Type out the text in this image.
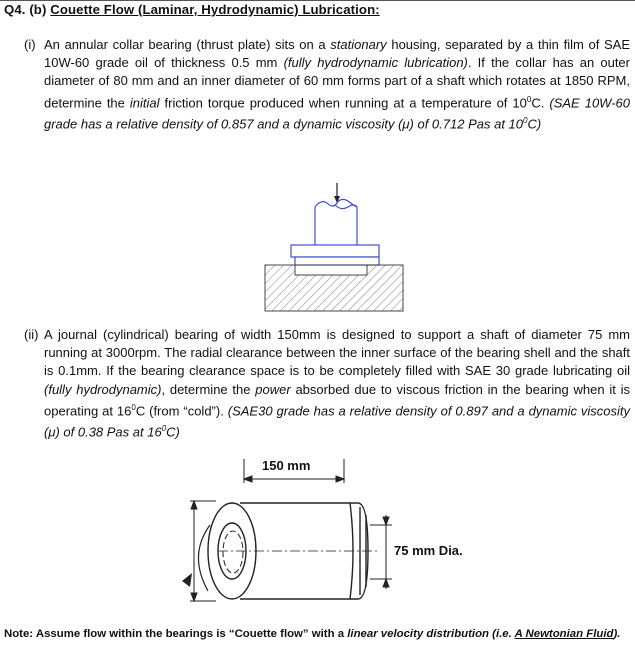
Q4. (b) Couette Flow (Laminar, Hydrodynamic) Lubrication:

(i) An annular collar bearing (thrust plate) sits on a stationary housing, separated by a thin film of SAE 10W-60 grade oil of thickness 0.5 mm (fully hydrodynamic lubrication). If the collar has an outer diameter of 80 mm and an inner diameter of 60 mm forms part of a shaft which rotates at 1850 RPM, determine the initial friction torque produced when running at a temperature of $10^0C$. (SAE 10W-60 grade has a relative density of 0.857 and a dynamic viscosity (μ) of 0.712 Pas at $10^0C$)

(ii) A journal (cylindrical) bearing of width 150mm is designed to support a shaft of diameter 75 mm running at 3000rpm. The radial clearance between the inner surface of the bearing shell and the shaft is 0.1mm. If the bearing clearance space is to be completely filled with SAE 30 grade lubricating oil (fully hydrodynamic), determine the power absorbed due to viscous friction in the bearing when it is operating at $16^0C$ (from “cold”). (SAE30 grade has a relative density of 0.897 and a dynamic viscosity (μ) of 0.38 Pas at $16^0C$)

150 mm
75 mm Dia.
Note: Assume flow within the bearings is “Couette flow” with a linear velocity distribution (i.e. A Newtonian Fluid).
